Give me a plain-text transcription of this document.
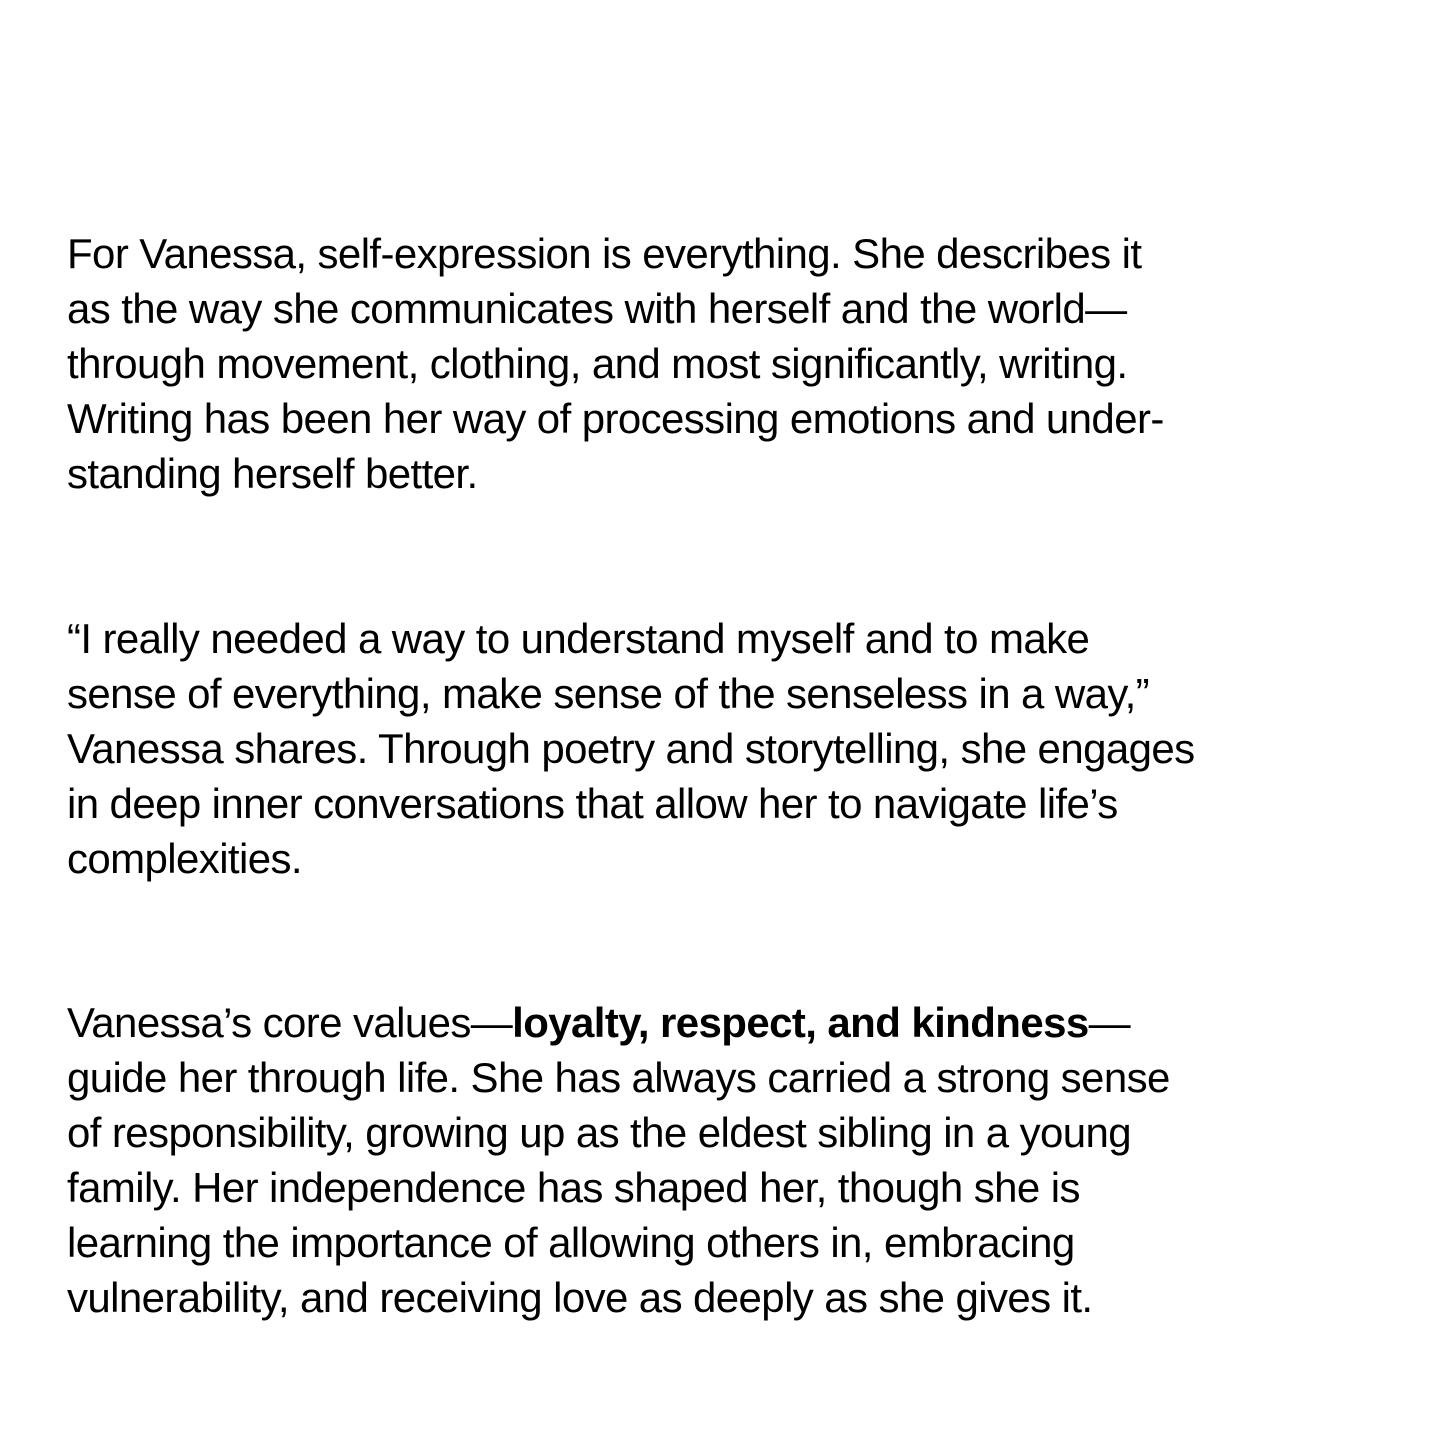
For Vanessa, self-expression is everything. She describes it
as the way she communicates with herself and the world—
through movement, clothing, and most significantly, writing.
Writing has been her way of processing emotions and under-
standing herself better.

“I really needed a way to understand myself and to make
sense of everything, make sense of the senseless in a way,”
Vanessa shares. Through poetry and storytelling, she engages
in deep inner conversations that allow her to navigate life’s
complexities.

Vanessa’s core values—loyalty, respect, and kindness—
guide her through life. She has always carried a strong sense
of responsibility, growing up as the eldest sibling in a young
family. Her independence has shaped her, though she is
learning the importance of allowing others in, embracing
vulnerability, and receiving love as deeply as she gives it.
